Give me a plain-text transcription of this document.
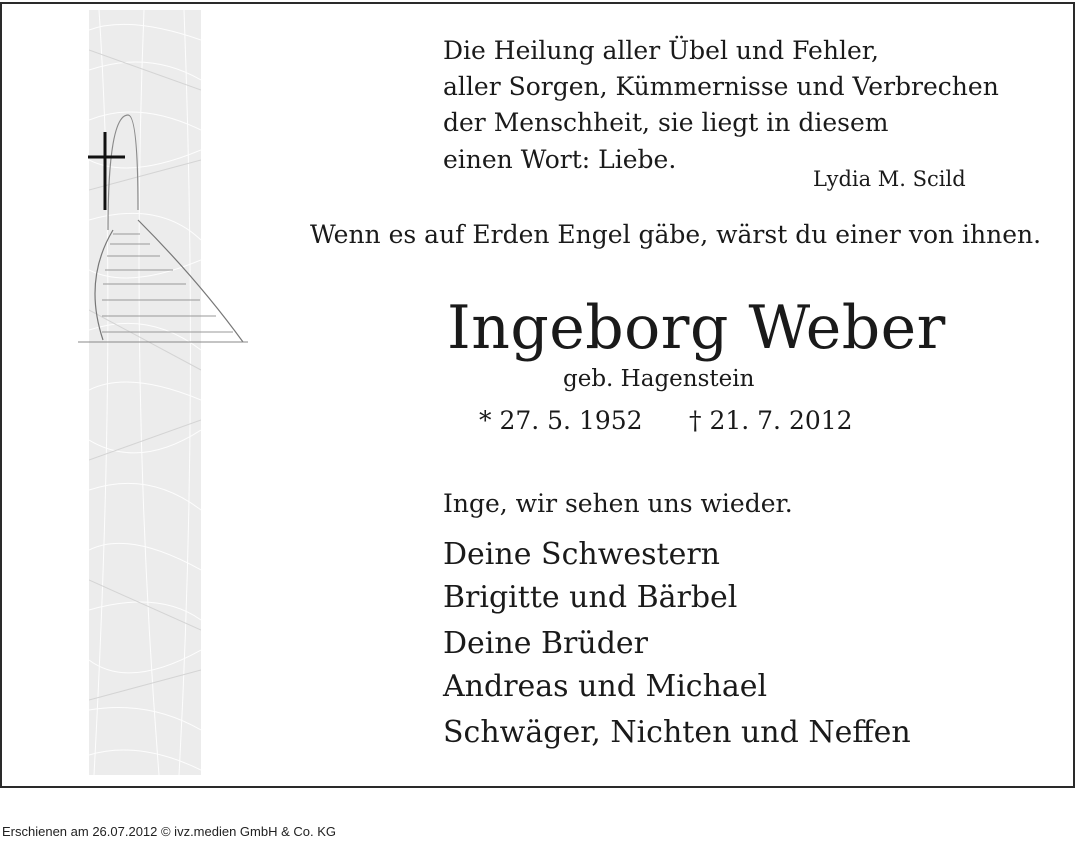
Die Heilung aller Übel und Fehler,
aller Sorgen, Kümmernisse und Verbrechen
der Menschheit, sie liegt in diesem
einen Wort: Liebe.
Lydia M. Scild
Wenn es auf Erden Engel gäbe, wärst du einer von ihnen.
Ingeborg Weber
geb. Hagenstein
* 27. 5. 1952 † 21. 7. 2012
Inge, wir sehen uns wieder.
Deine Schwestern
Brigitte und Bärbel
Deine Brüder
Andreas und Michael
Schwäger, Nichten und Neffen
Erschienen am 26.07.2012 © ivz.medien GmbH & Co. KG
